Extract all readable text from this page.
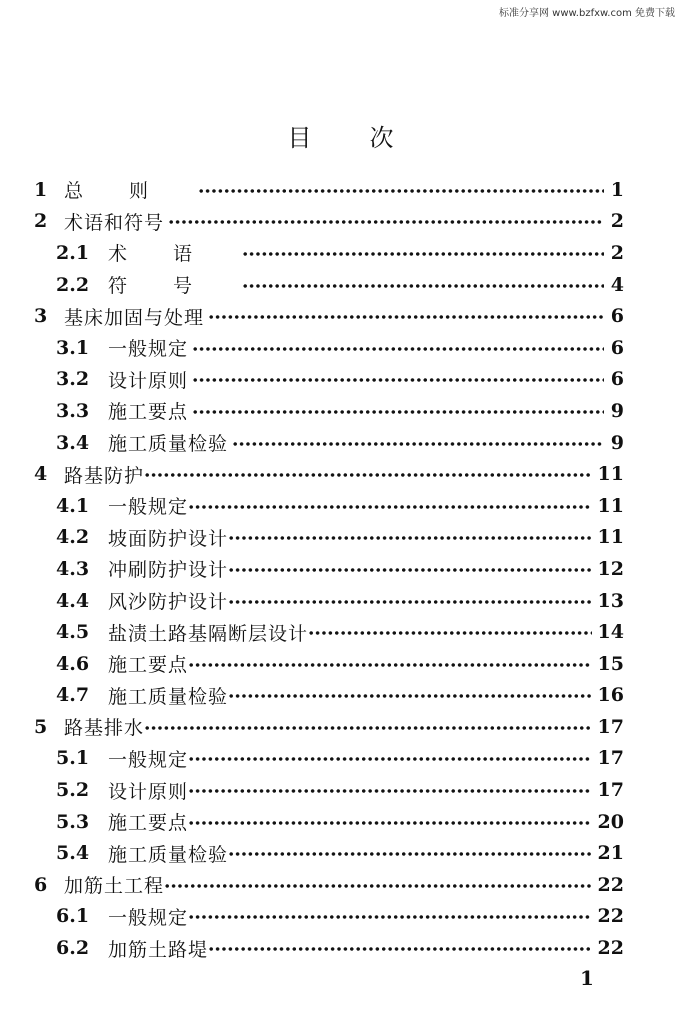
标准分享网 www.bzfxw.com 免费下载
目次
1 总则	1
2 术语和符号	2
2.1 术语	2
2.2 符号	4
3 基床加固与处理	6
3.1 一般规定	6
3.2 设计原则	6
3.3 施工要点	9
3.4 施工质量检验	9
4 路基防护	11
4.1 一般规定	11
4.2 坡面防护设计	11
4.3 冲刷防护设计	12
4.4 风沙防护设计	13
4.5 盐渍土路基隔断层设计	14
4.6 施工要点	15
4.7 施工质量检验	16
5 路基排水	17
5.1 一般规定	17
5.2 设计原则	17
5.3 施工要点	20
5.4 施工质量检验	21
6 加筋土工程	22
6.1 一般规定	22
6.2 加筋土路堤	22
1
